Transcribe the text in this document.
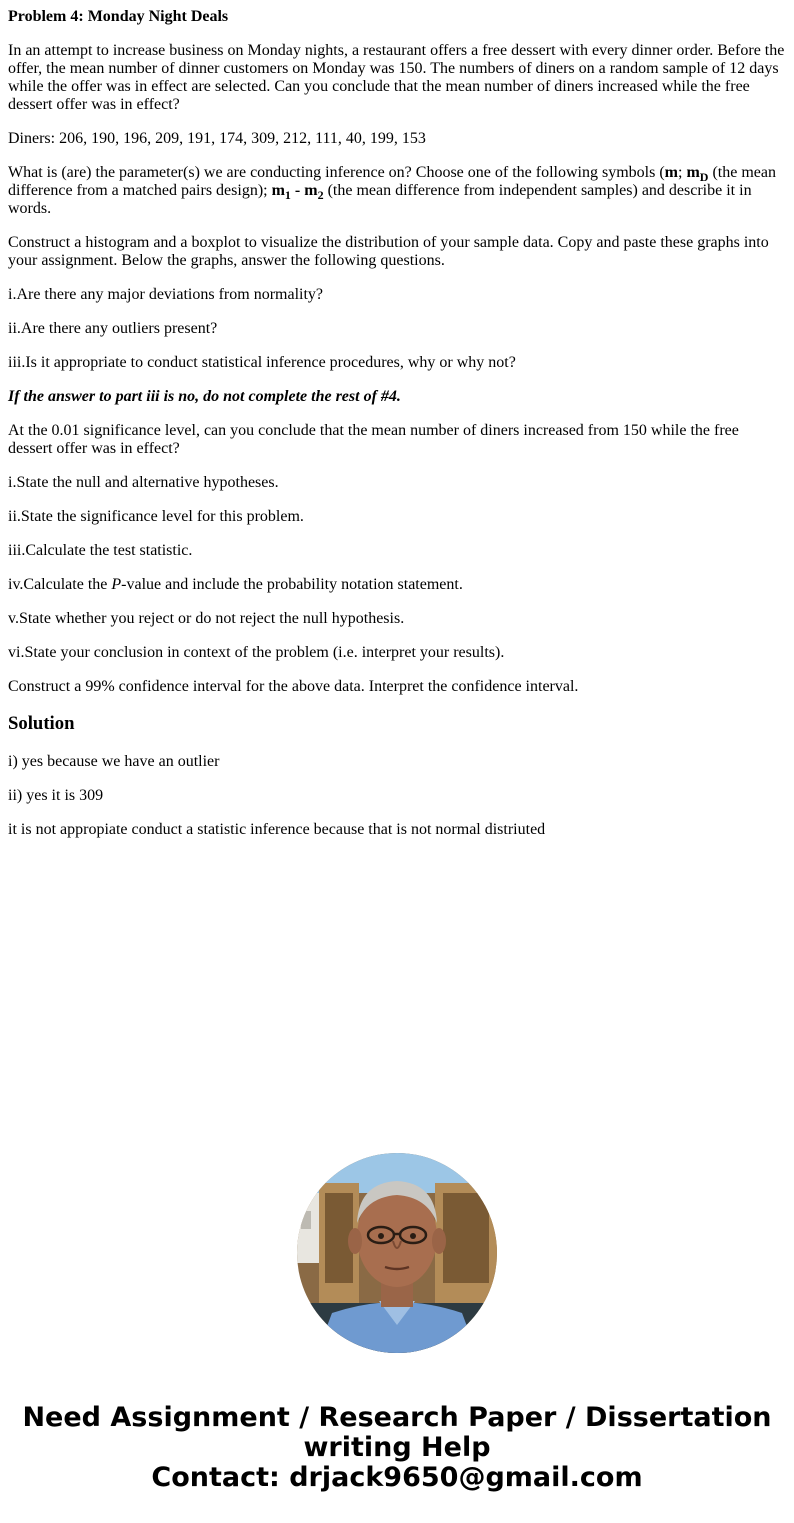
Problem 4: Monday Night Deals

In an attempt to increase business on Monday nights, a restaurant offers a free dessert with every dinner order. Before the offer, the mean number of dinner customers on Monday was 150. The numbers of diners on a random sample of 12 days while the offer was in effect are selected. Can you conclude that the mean number of diners increased while the free dessert offer was in effect?

Diners: 206, 190, 196, 209, 191, 174, 309, 212, 111, 40, 199, 153

What is (are) the parameter(s) we are conducting inference on? Choose one of the following symbols (m; $m_D$ (the mean difference from a matched pairs design); $m_1 - m_2$ (the mean difference from independent samples) and describe it in words.

Construct a histogram and a boxplot to visualize the distribution of your sample data. Copy and paste these graphs into your assignment. Below the graphs, answer the following questions.

i.Are there any major deviations from normality?

ii.Are there any outliers present?

iii.Is it appropriate to conduct statistical inference procedures, why or why not?

If the answer to part iii is no, do not complete the rest of #4.

At the 0.01 significance level, can you conclude that the mean number of diners increased from 150 while the free dessert offer was in effect?

i.State the null and alternative hypotheses.

ii.State the significance level for this problem.

iii.Calculate the test statistic.

iv.Calculate the P-value and include the probability notation statement.

v.State whether you reject or do not reject the null hypothesis.

vi.State your conclusion in context of the problem (i.e. interpret your results).

Construct a 99% confidence interval for the above data. Interpret the confidence interval.

Solution

i) yes because we have an outlier

ii) yes it is 309

it is not appropiate conduct a statistic inference because that is not normal distriuted

Need Assignment / Research Paper / Dissertation
writing Help
Contact: drjack9650@gmail.com
